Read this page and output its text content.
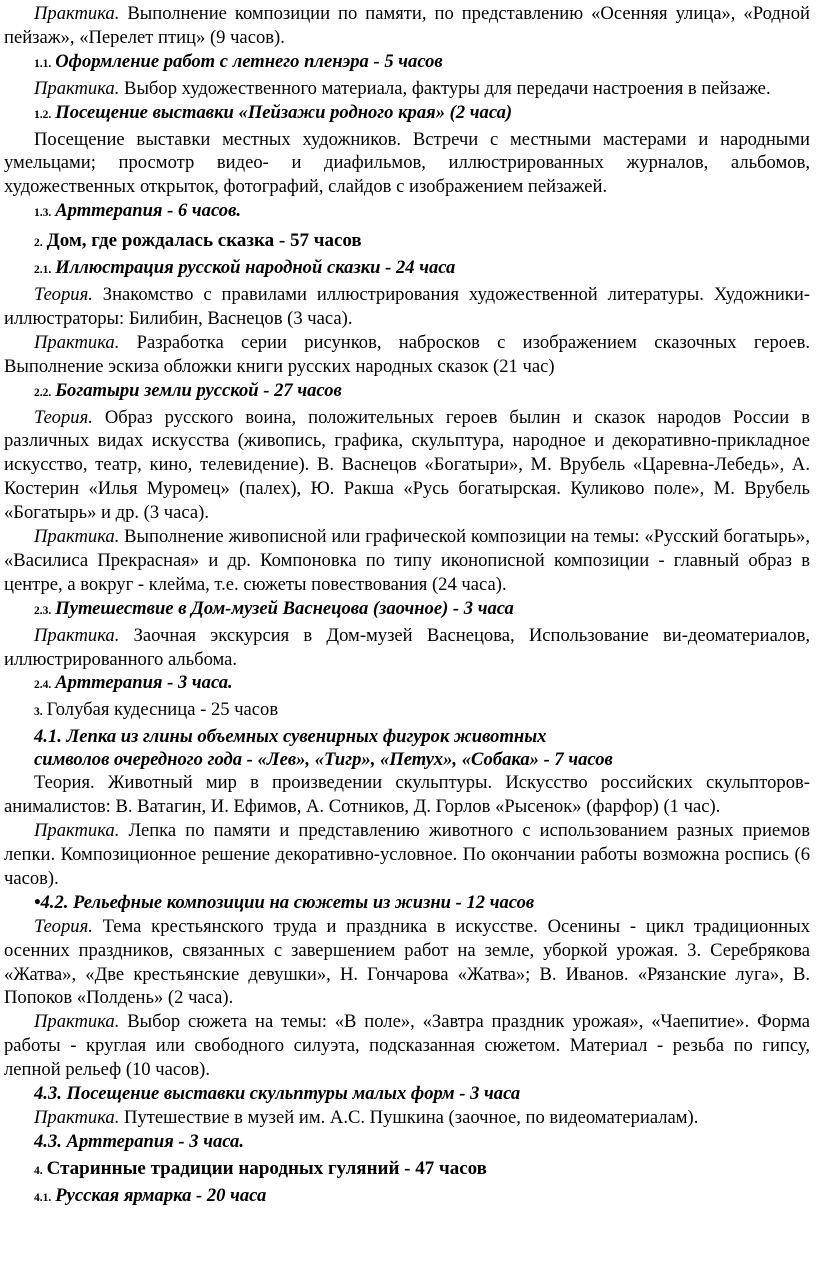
Практика. Выполнение композиции по памяти, по представлению «Осенняя улица», «Родной пейзаж», «Перелет птиц» (9 часов).

1.1. Оформление работ с летнего пленэра - 5 часов

Практика. Выбор художественного материала, фактуры для передачи настроения в пейзаже.

1.2. Посещение выставки «Пейзажи родного края» (2 часа)

Посещение выставки местных художников. Встречи с местными мастерами и народными умельцами; просмотр видео- и диафильмов, иллюстрированных журналов, альбомов, художественных открыток, фотографий, слайдов с изображением пейзажей.

1.3. Арттерапия - 6 часов.
2. Дом, где рождалась сказка - 57 часов
2.1. Иллюстрация русской народной сказки - 24 часа

Теория. Знакомство с правилами иллюстрирования художественной литературы. Художники-иллюстраторы: Билибин, Васнецов (3 часа).

Практика. Разработка серии рисунков, набросков с изображением сказочных героев. Выполнение эскиза обложки книги русских народных сказок (21 час)

2.2. Богатыри земли русской - 27 часов

Теория. Образ русского воина, положительных героев былин и сказок народов России в различных видах искусства (живопись, графика, скульптура, народное и декоративно-прикладное искусство, театр, кино, телевидение). В. Васнецов «Богатыри», М. Врубель «Царевна-Лебедь», А. Костерин «Илья Муромец» (палех), Ю. Ракша «Русь богатырская. Куликово поле», М. Врубель «Богатырь» и др. (3 часа).

Практика. Выполнение живописной или графической композиции на темы: «Русский богатырь», «Василиса Прекрасная» и др. Компоновка по типу иконописной композиции - главный образ в центре, а вокруг - клейма, т.е. сюжеты повествования (24 часа).

2.3. Путешествие в Дом-музей Васнецова (заочное) - 3 часа

Практика. Заочная экскурсия в Дом-музей Васнецова, Использование ви-деоматериалов, иллюстрированного альбома.

2.4. Арттерапия - 3 часа.
3. Голубая кудесница - 25 часов
4.1. Лепка из глины объемных сувенирных фигурок животных
символов очередного года - «Лев», «Тигр», «Петух», «Собака» - 7 часов

Теория. Животный мир в произведении скульптуры. Искусство российских скульпторов-анималистов: В. Ватагин, И. Ефимов, А. Сотников, Д. Горлов «Рысенок» (фарфор) (1 час).

Практика. Лепка по памяти и представлению животного с использованием разных приемов лепки. Композиционное решение декоративно-условное. По окончании работы возможна роспись (6 часов).

•4.2. Рельефные композиции на сюжеты из жизни - 12 часов

Теория. Тема крестьянского труда и праздника в искусстве. Осенины - цикл традиционных осенних праздников, связанных с завершением работ на земле, уборкой урожая. 3. Серебрякова «Жатва», «Две крестьянские девушки», Н. Гончарова «Жатва»; В. Иванов. «Рязанские луга», В. Попоков «Полдень» (2 часа).

Практика. Выбор сюжета на темы: «В поле», «Завтра праздник урожая», «Чаепитие». Форма работы - круглая или свободного силуэта, подсказанная сюжетом. Материал - резьба по гипсу, лепной рельеф (10 часов).

4.3. Посещение выставки скульптуры малых форм - 3 часа

Практика. Путешествие в музей им. А.С. Пушкина (заочное, по видеоматериалам).

4.3. Арттерапия - 3 часа.
4. Старинные традиции народных гуляний - 47 часов
4.1. Русская ярмарка - 20 часа
